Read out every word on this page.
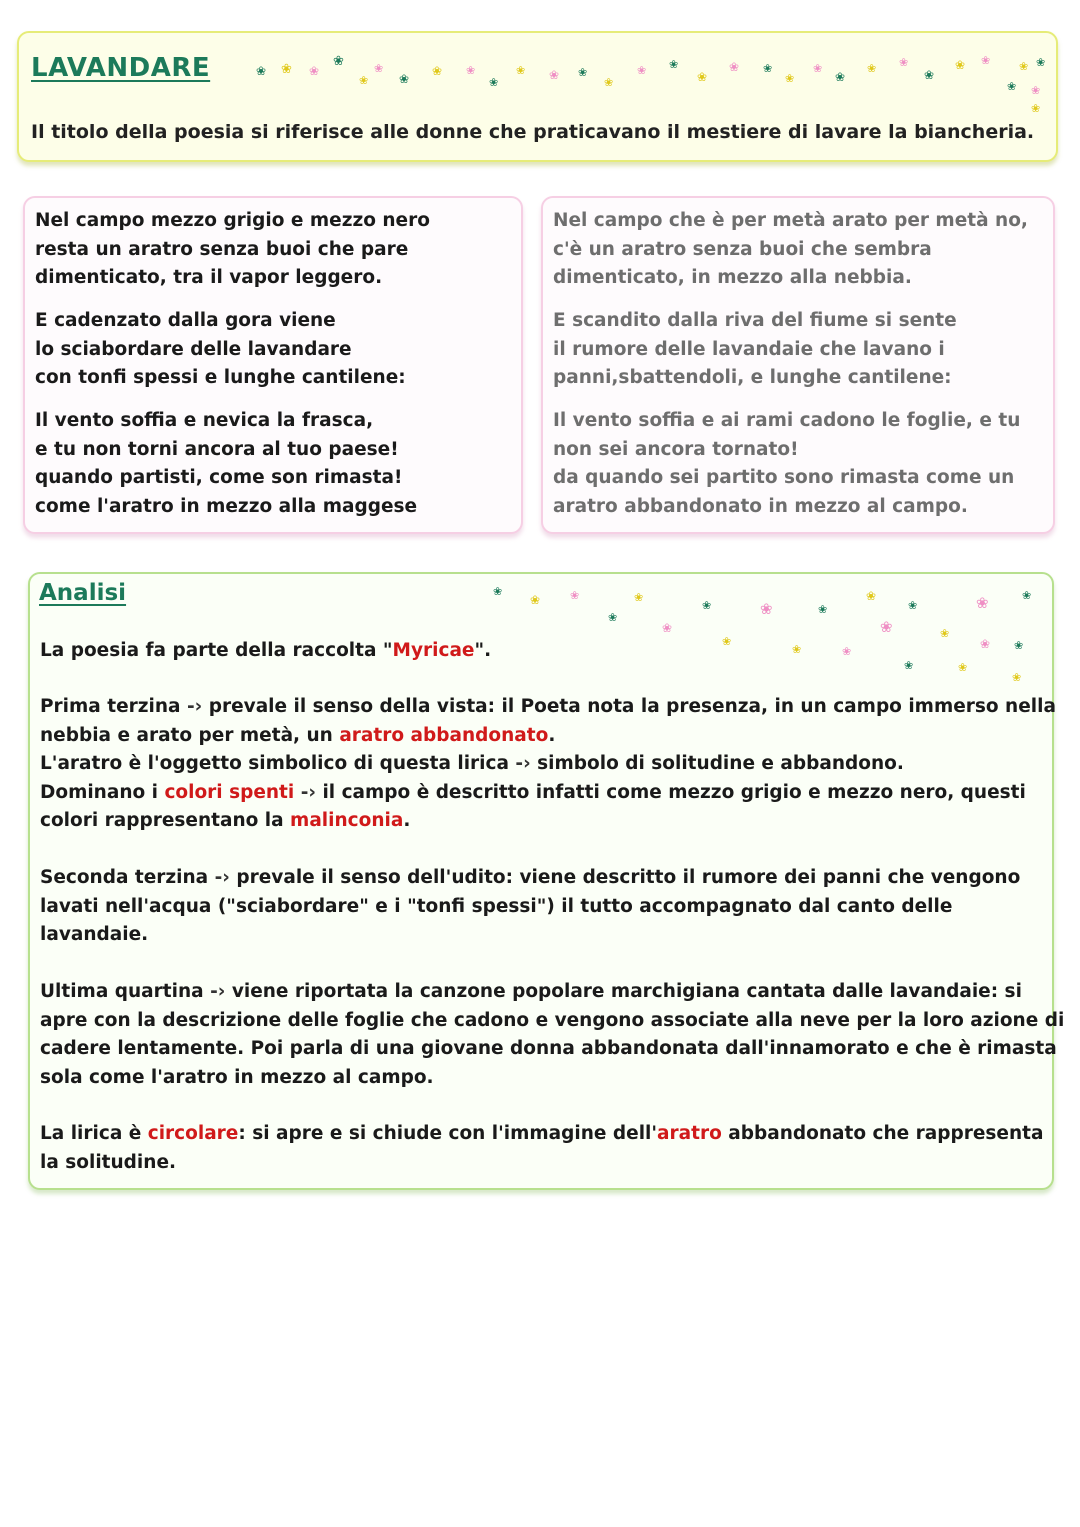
LAVANDARE

Il titolo della poesia si riferisce alle donne che praticavano il mestiere di lavare la biancheria.

❀ ❀ ❀
❀
❀
❀
❀
❀ ❀
❀
❀ ❀ ❀
❀
❀ ❀
❀
❀ ❀
❀
❀
❀
❀ ❀
❀
❀ ❀
❀
❀
❀
❀
❀

Nel campo mezzo grigio e mezzo nero
resta un aratro senza buoi che pare
dimenticato, tra il vapor leggero.

E cadenzato dalla gora viene
lo sciabordare delle lavandare
con tonfi spessi e lunghe cantilene:

Il vento soffia e nevica la frasca,
e tu non torni ancora al tuo paese!
quando partisti, come son rimasta!
come l'aratro in mezzo alla maggese

Nel campo che è per metà arato per metà no,
c'è un aratro senza buoi che sembra
dimenticato, in mezzo alla nebbia.

E scandito dalla riva del fiume si sente
il rumore delle lavandaie che lavano i
panni,sbattendoli, e lunghe cantilene:

Il vento soffia e ai rami cadono le foglie, e tu
non sei ancora tornato!
da quando sei partito sono rimasta come un
aratro abbandonato in mezzo al campo.

Analisi	❀
❀	❀
❀
❀
❀
❀
❀
❀	❀
❀
❀
❀
❀
❀	❀
❀	❀
❀	❀
❀ ❀
❀

La poesia fa parte della raccolta "Myricae".

Prima terzina -› prevale il senso della vista: il Poeta nota la presenza, in un campo immerso nella
nebbia e arato per metà, un aratro abbandonato.
L'aratro è l'oggetto simbolico di questa lirica -› simbolo di solitudine e abbandono.
Dominano i colori spenti -› il campo è descritto infatti come mezzo grigio e mezzo nero, questi
colori rappresentano la malinconia.

Seconda terzina -› prevale il senso dell'udito: viene descritto il rumore dei panni che vengono
lavati nell'acqua ("sciabordare" e i "tonfi spessi") il tutto accompagnato dal canto delle
lavandaie.

Ultima quartina -› viene riportata la canzone popolare marchigiana cantata dalle lavandaie: si
apre con la descrizione delle foglie che cadono e vengono associate alla neve per la loro azione di
cadere lentamente. Poi parla di una giovane donna abbandonata dall'innamorato e che è rimasta
sola come l'aratro in mezzo al campo.

La lirica è circolare: si apre e si chiude con l'immagine dell'aratro abbandonato che rappresenta
la solitudine.
